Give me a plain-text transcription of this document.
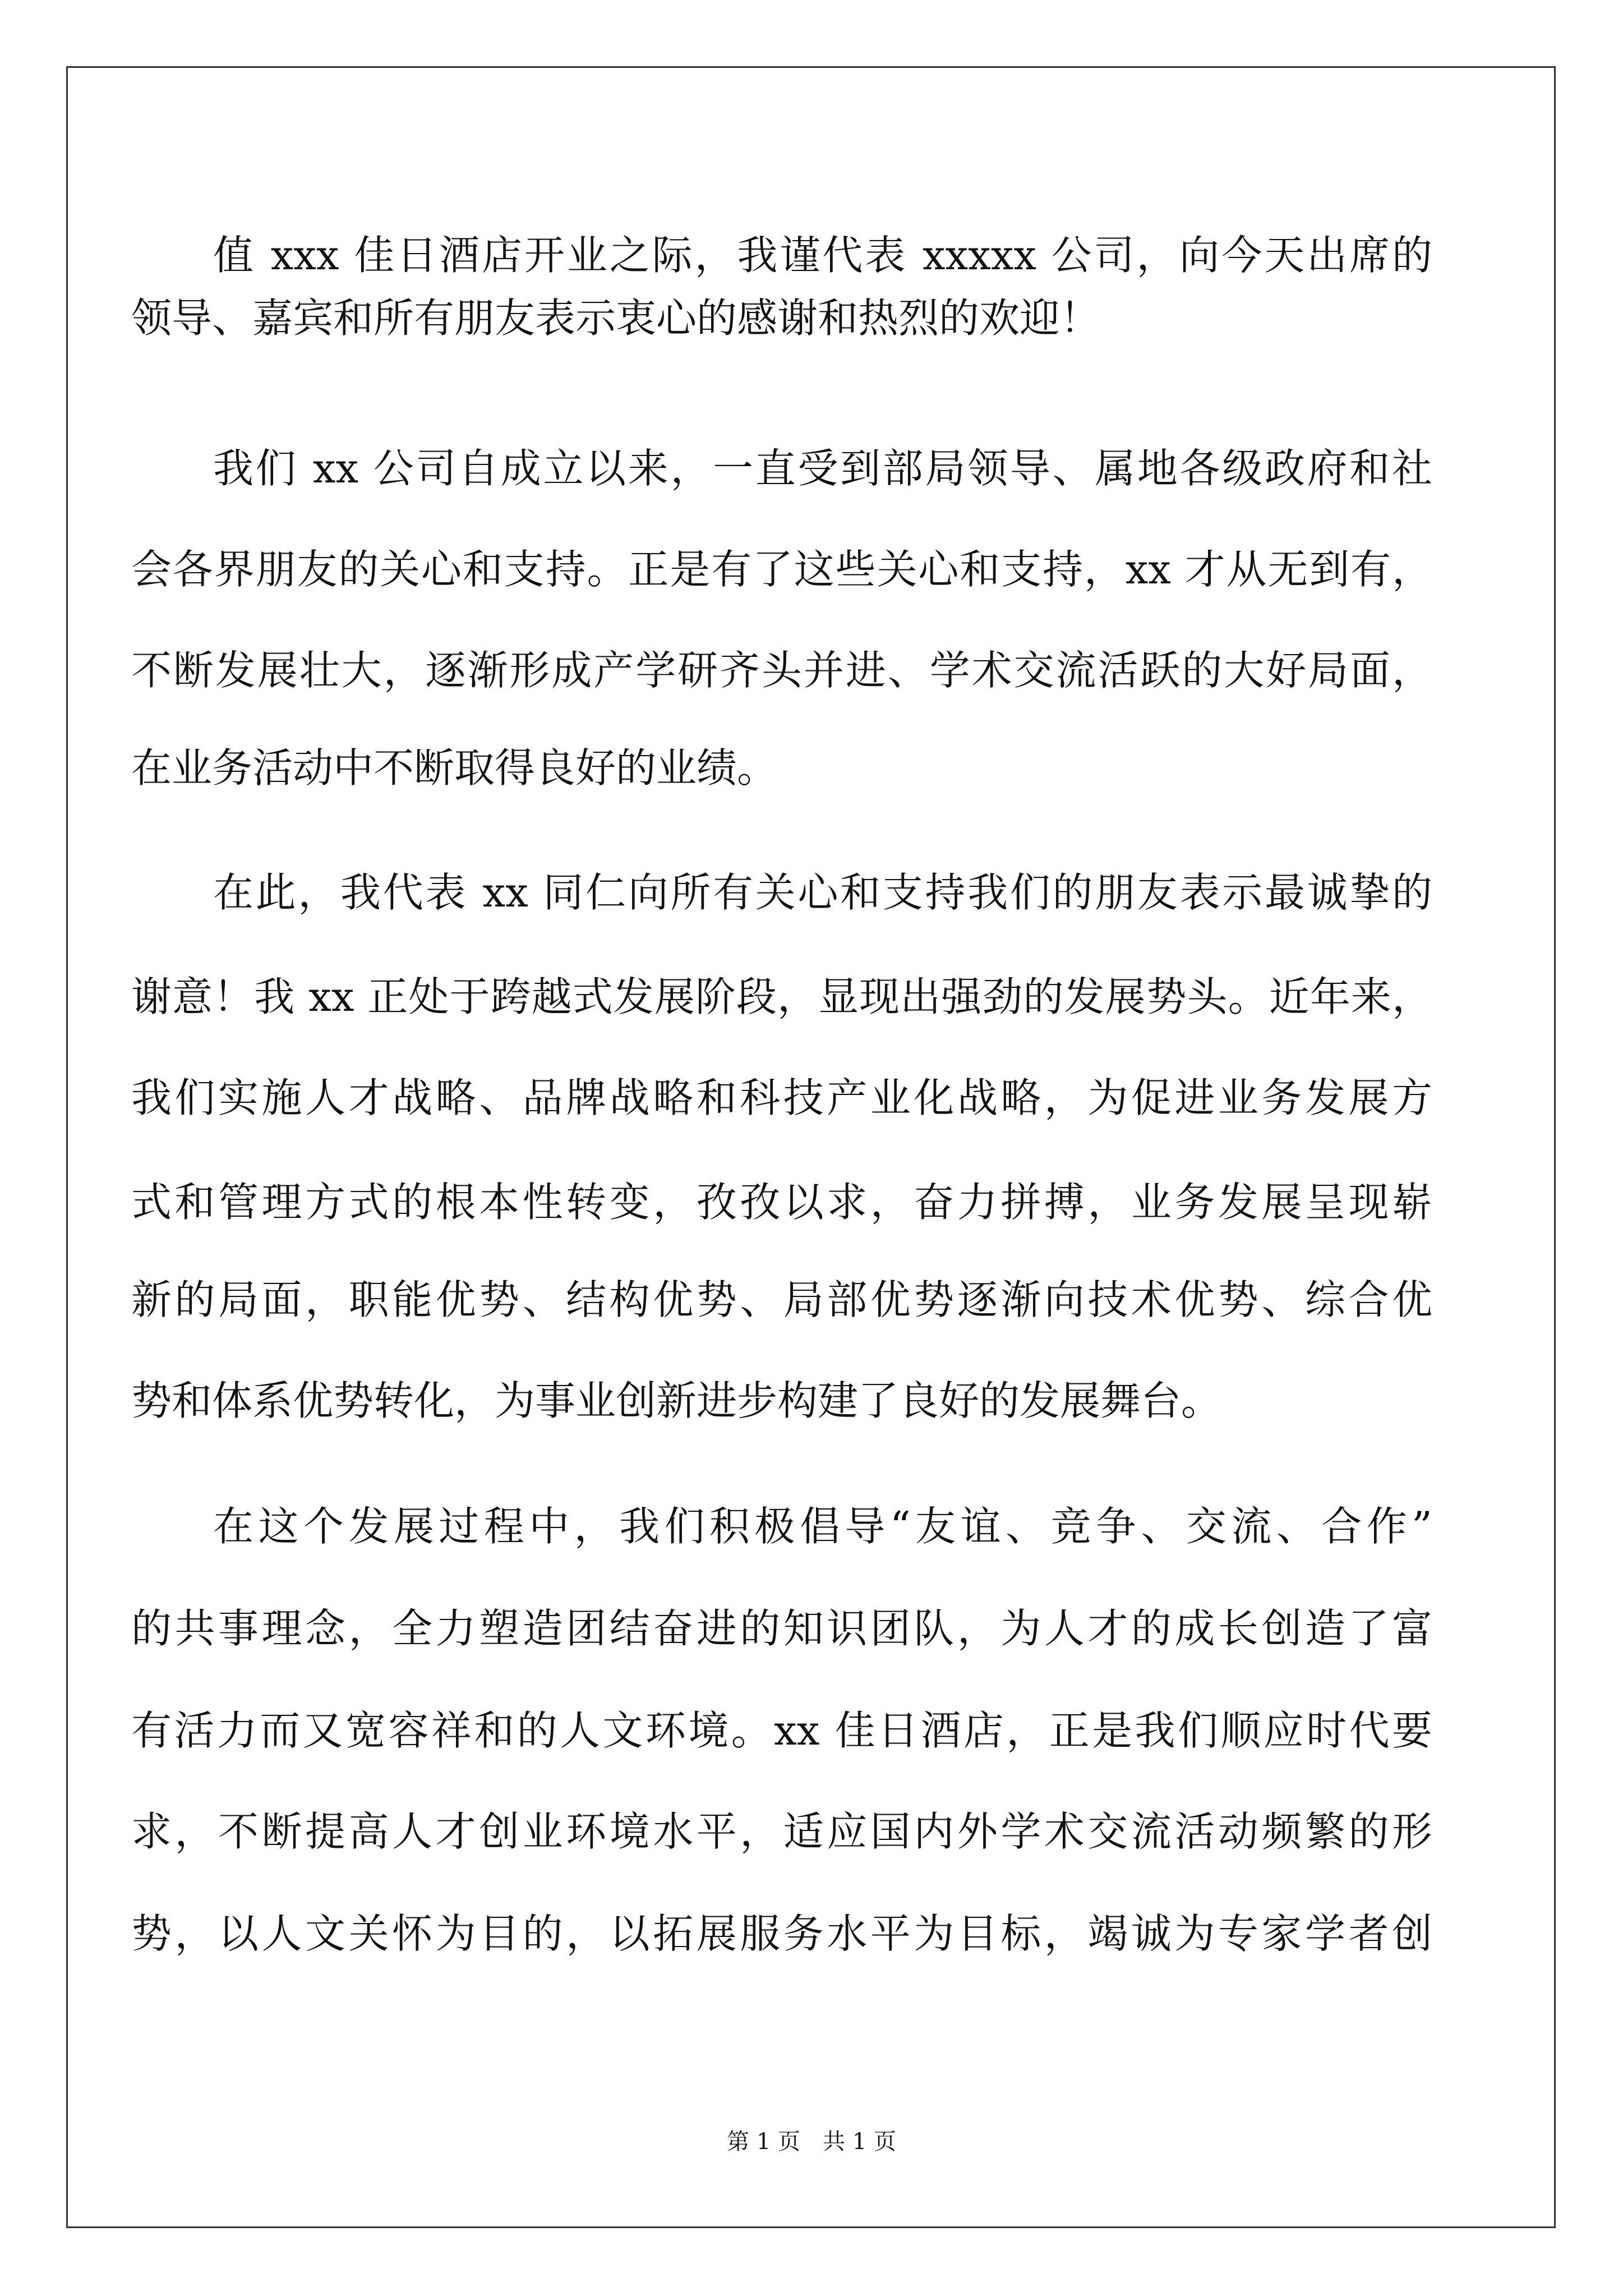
值 xxx 佳日酒店开业之际，我谨代表 xxxxx 公司，向今天出席的
领导、嘉宾和所有朋友表示衷心的感谢和热烈的欢迎！
我们 xx 公司自成立以来，一直受到部局领导、属地各级政府和社
会各界朋友的关心和支持。正是有了这些关心和支持，xx 才从无到有，
不断发展壮大，逐渐形成产学研齐头并进、学术交流活跃的大好局面，
在业务活动中不断取得良好的业绩。
在此，我代表 xx 同仁向所有关心和支持我们的朋友表示最诚挚的
谢意！我 xx 正处于跨越式发展阶段，显现出强劲的发展势头。近年来，
我们实施人才战略、品牌战略和科技产业化战略，为促进业务发展方
式和管理方式的根本性转变，孜孜以求，奋力拼搏，业务发展呈现崭
新的局面，职能优势、结构优势、局部优势逐渐向技术优势、综合优
势和体系优势转化，为事业创新进步构建了良好的发展舞台。
在这个发展过程中，我们积极倡导“友谊、竞争、交流、合作”
的共事理念，全力塑造团结奋进的知识团队，为人才的成长创造了富
有活力而又宽容祥和的人文环境。xx 佳日酒店，正是我们顺应时代要
求，不断提高人才创业环境水平，适应国内外学术交流活动频繁的形
势，以人文关怀为目的，以拓展服务水平为目标，竭诚为专家学者创
第 1 页 共 1 页
